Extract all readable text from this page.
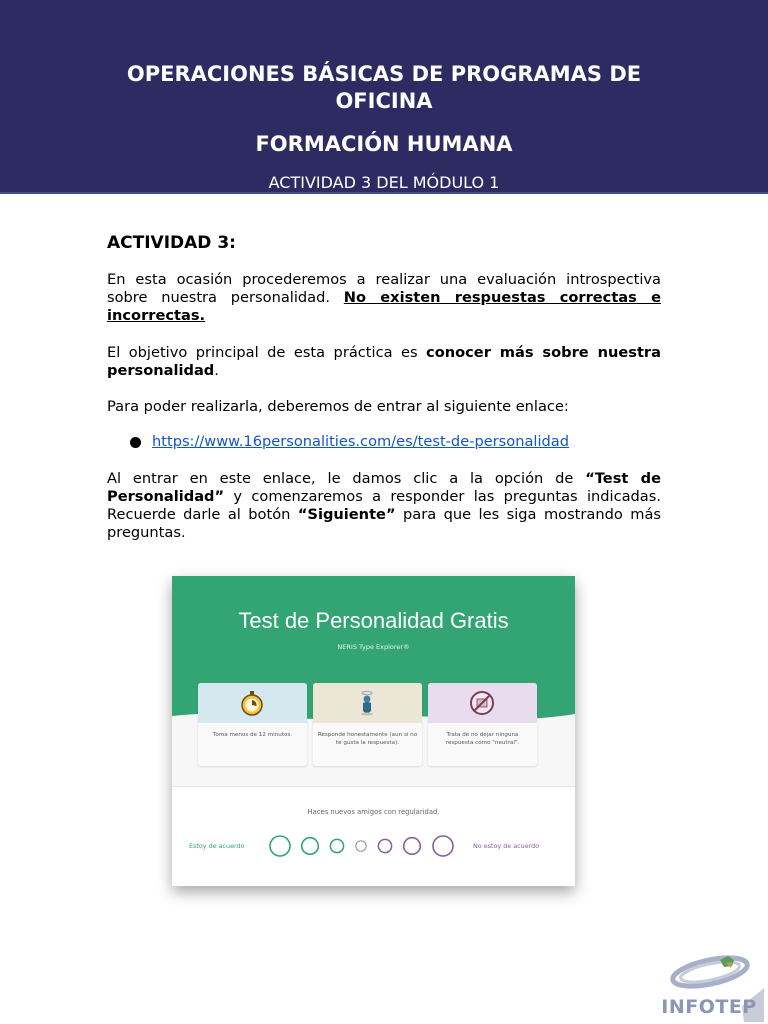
OPERACIONES BÁSICAS DE PROGRAMAS DE
OFICINA
FORMACIÓN HUMANA
ACTIVIDAD 3 DEL MÓDULO 1
ACTIVIDAD 3:
En esta ocasión procederemos a realizar una evaluación introspectiva sobre nuestra personalidad. No existen respuestas correctas e incorrectas.
El objetivo principal de esta práctica es conocer más sobre nuestra personalidad.
Para poder realizarla, deberemos de entrar al siguiente enlace:
https://www.16personalities.com/es/test-de-personalidad
Al entrar en este enlace, le damos clic a la opción de “Test de Personalidad” y comenzaremos a responder las preguntas indicadas. Recuerde darle al botón “Siguiente” para que les siga mostrando más preguntas.
Test de Personalidad Gratis
NERIS Type Explorer®
Toma menos de 12 minutos.	Responde honestamente (aun si no te gusta la respuesta).
Trata de no dejar ninguna respuesta como "neutral".
Haces nuevos amigos con regularidad.
Estoy de acuerdo	No estoy de acuerdo
INFOTEP
